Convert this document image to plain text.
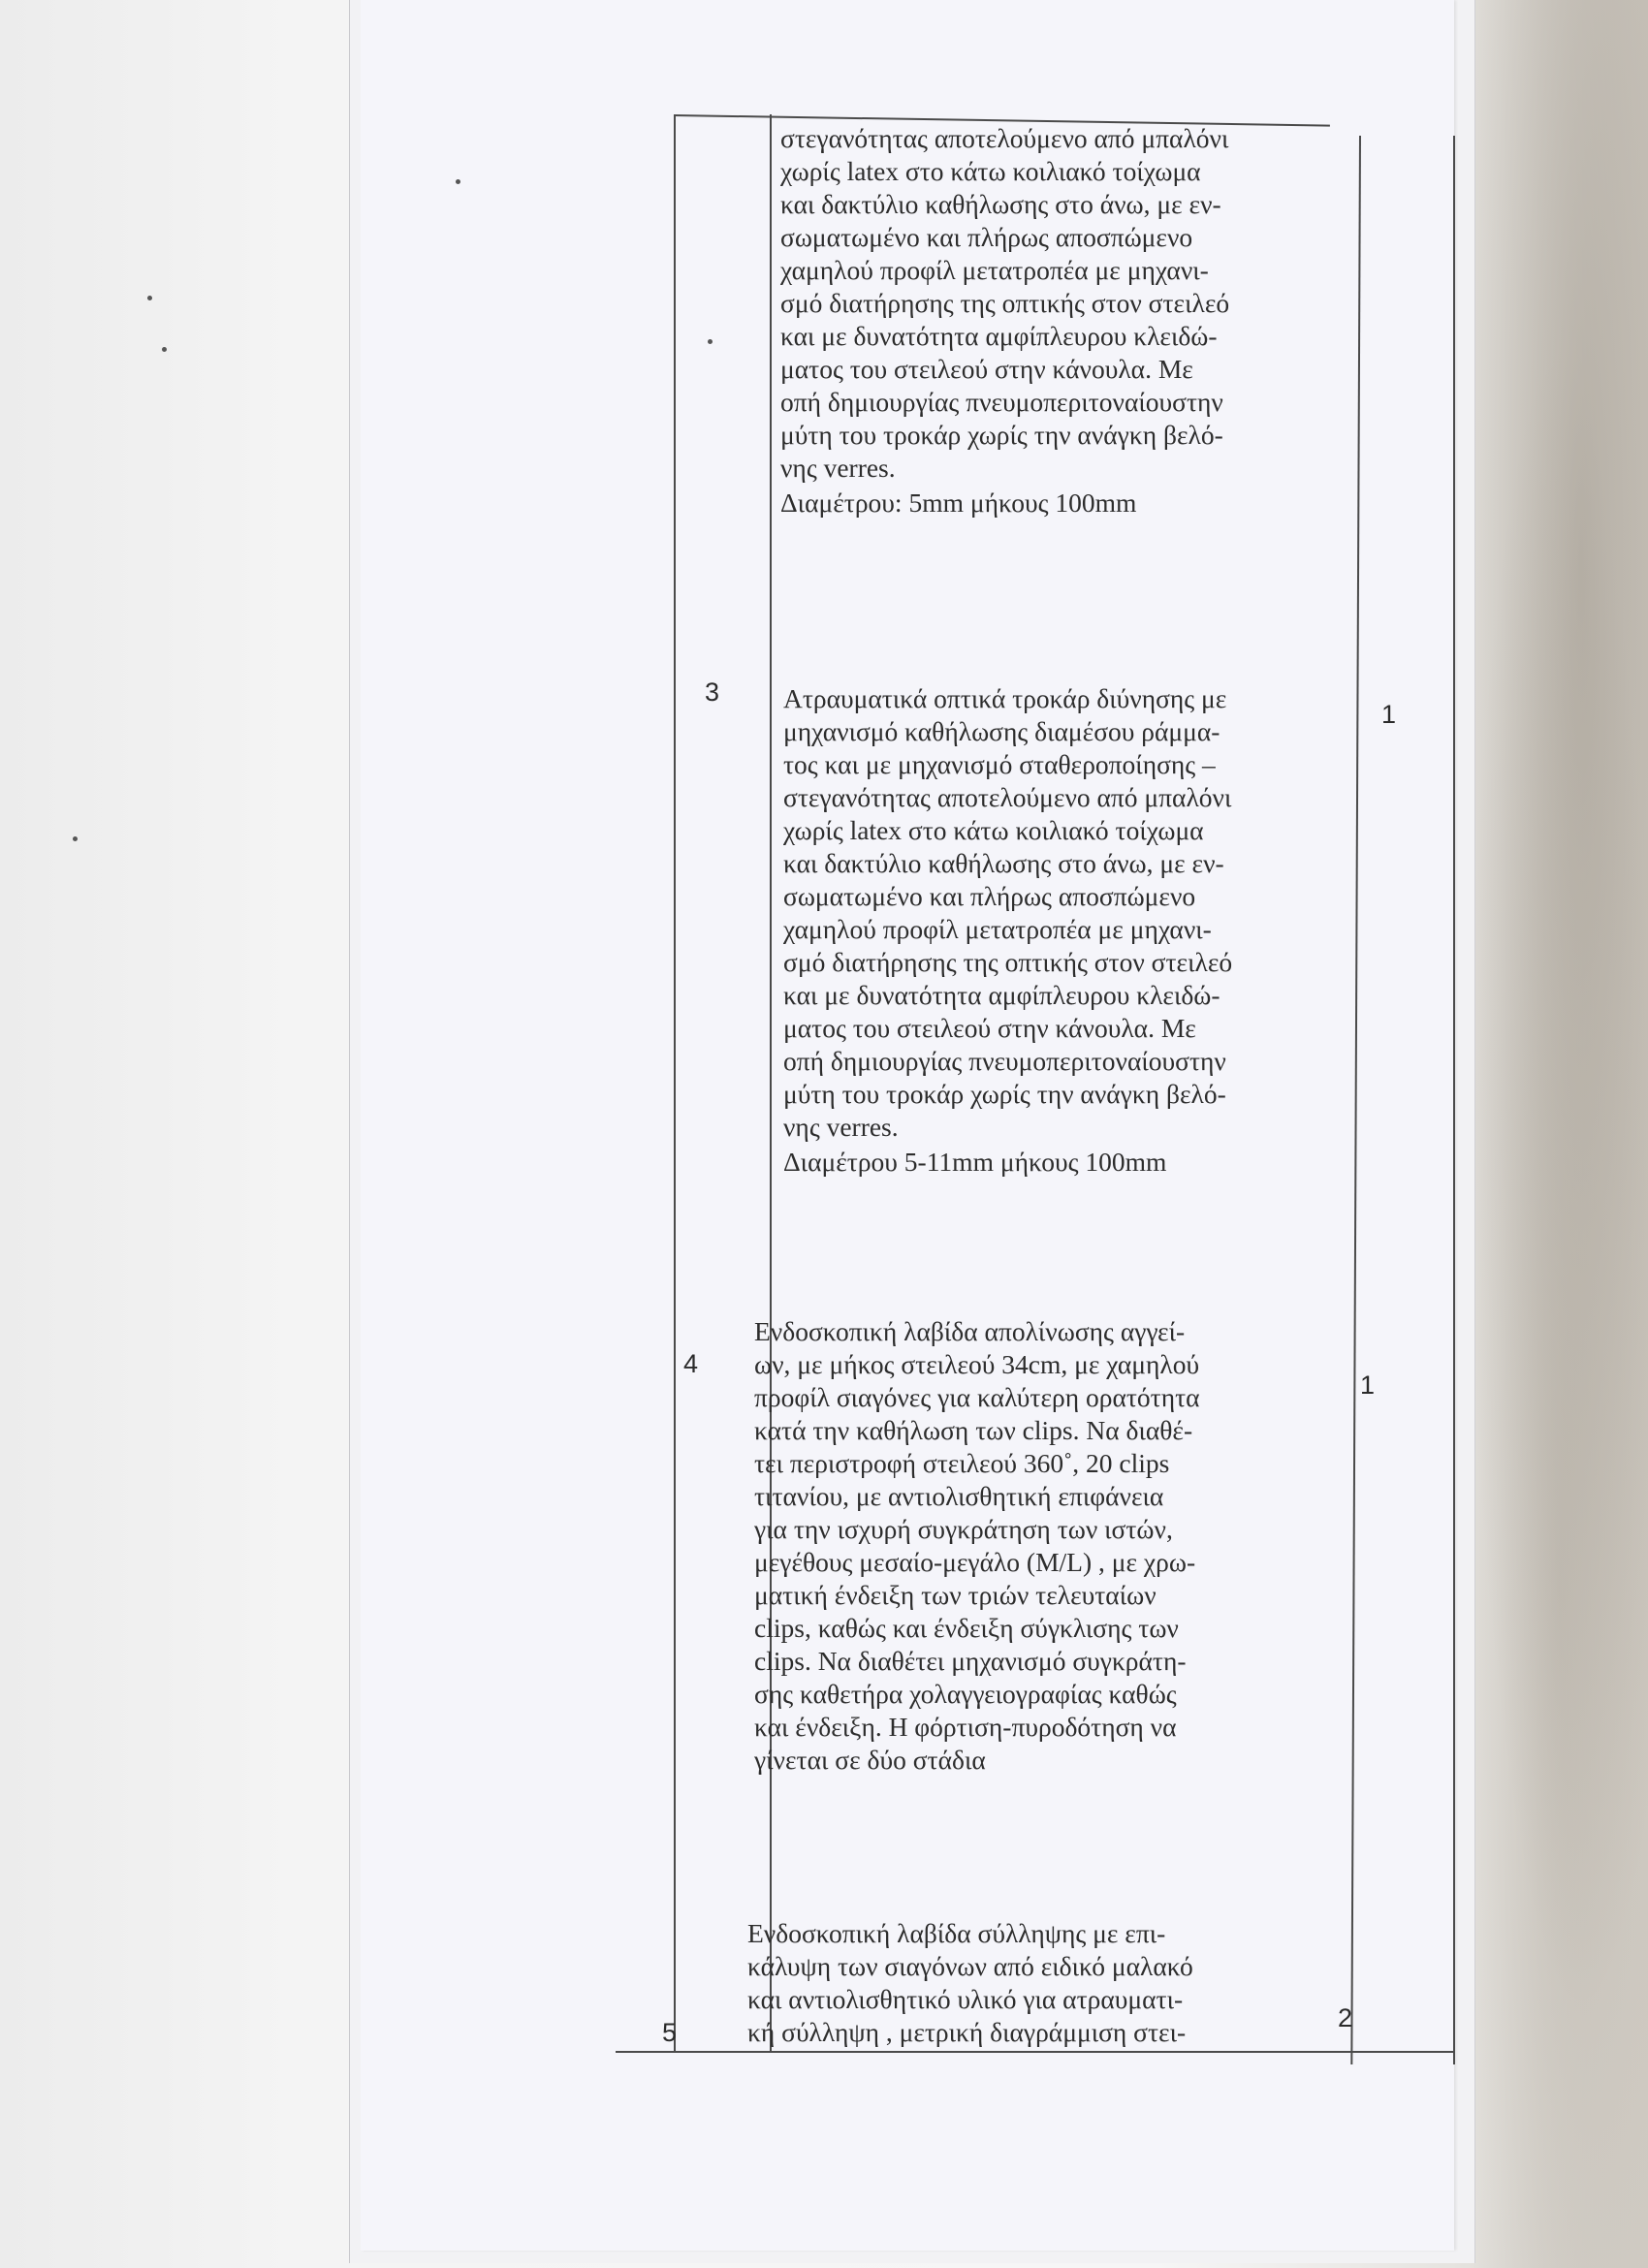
στεγανότητας αποτελούμενο από μπαλόνι
χωρίς latex στο κάτω κοιλιακό τοίχωμα
και δακτύλιο καθήλωσης στο άνω, με εν-
σωματωμένο και πλήρως αποσπώμενο
χαμηλού προφίλ μετατροπέα με μηχανι-
σμό διατήρησης της οπτικής στον στειλεό
και με δυνατότητα αμφίπλευρου κλειδώ-
ματος του στειλεού στην κάνουλα. Με
οπή δημιουργίας πνευμοπεριτοναίουστην
μύτη του τροκάρ χωρίς την ανάγκη βελό-
νης verres.

Διαμέτρου: 5mm μήκους 100mm

3
1

Ατραυματικά οπτικά τροκάρ διύνησης με
μηχανισμό καθήλωσης διαμέσου ράμμα-
τος και με μηχανισμό σταθεροποίησης –
στεγανότητας αποτελούμενο από μπαλόνι
χωρίς latex στο κάτω κοιλιακό τοίχωμα
και δακτύλιο καθήλωσης στο άνω, με εν-
σωματωμένο και πλήρως αποσπώμενο
χαμηλού προφίλ μετατροπέα με μηχανι-
σμό διατήρησης της οπτικής στον στειλεό
και με δυνατότητα αμφίπλευρου κλειδώ-
ματος του στειλεού στην κάνουλα. Με
οπή δημιουργίας πνευμοπεριτοναίουστην
μύτη του τροκάρ χωρίς την ανάγκη βελό-
νης verres.

Διαμέτρου 5-11mm μήκους 100mm

4
1

Ενδοσκοπική λαβίδα απολίνωσης αγγεί-
ων, με μήκος στειλεού 34cm, με χαμηλού
προφίλ σιαγόνες για καλύτερη ορατότητα
κατά την καθήλωση των clips. Να διαθέ-
τει περιστροφή στειλεού 360˚, 20 clips
τιτανίου, με αντιολισθητική επιφάνεια
για την ισχυρή συγκράτηση των ιστών,
μεγέθους μεσαίο-μεγάλο (M/L) , με χρω-
ματική ένδειξη των τριών τελευταίων
clips, καθώς και ένδειξη σύγκλισης των
clips. Να διαθέτει μηχανισμό συγκράτη-
σης καθετήρα χολαγγειογραφίας καθώς
και ένδειξη. Η φόρτιση-πυροδότηση να
γίνεται σε δύο στάδια

5	2

Ενδοσκοπική λαβίδα σύλληψης με επι-
κάλυψη των σιαγόνων από ειδικό μαλακό
και αντιολισθητικό υλικό για ατραυματι-
κή σύλληψη , μετρική διαγράμμιση στει-
